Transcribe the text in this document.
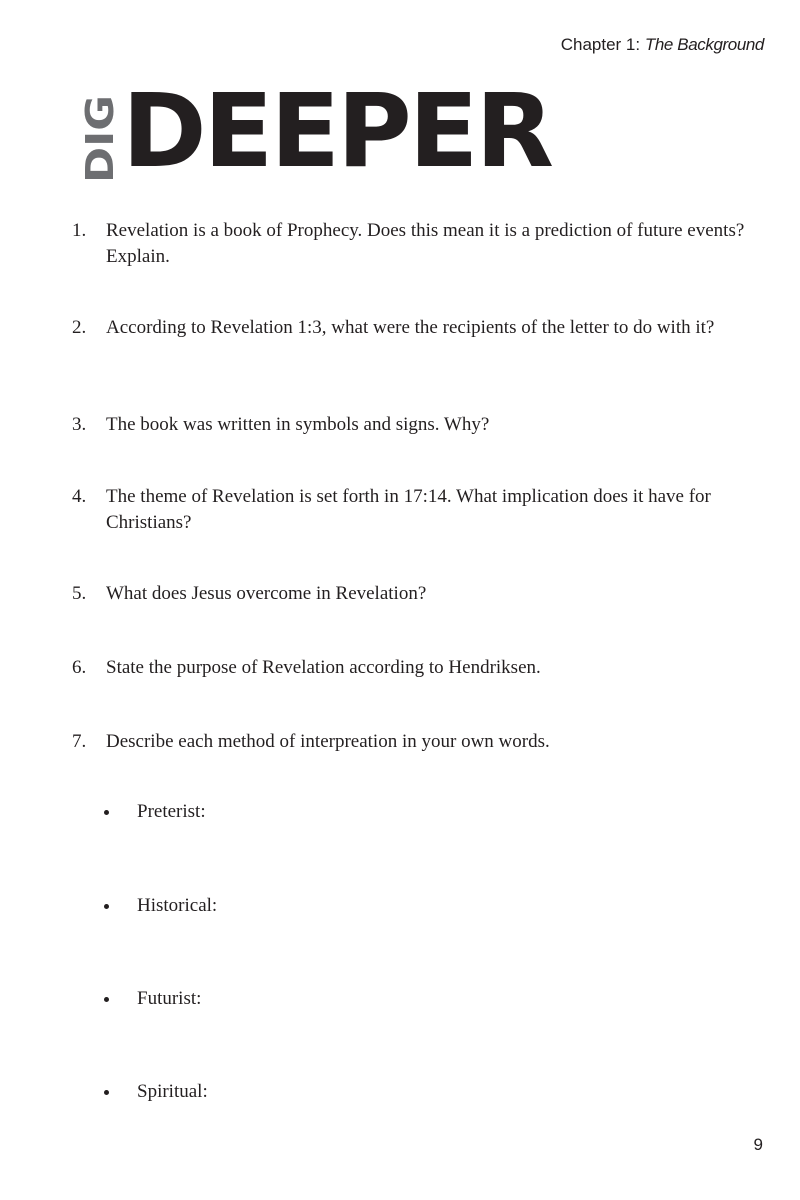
Chapter 1: The Background
DIG DEEPER
1. Revelation is a book of Prophecy. Does this mean it is a prediction of future events? Explain.
2. According to Revelation 1:3, what were the recipients of the letter to do with it?
3. The book was written in symbols and signs. Why?
4. The theme of Revelation is set forth in 17:14. What implication does it have for Christians?
5. What does Jesus overcome in Revelation?
6. State the purpose of Revelation according to Hendriksen.
7. Describe each method of interpreation in your own words.
Preterist:
Historical:
Futurist:
Spiritual:
9
